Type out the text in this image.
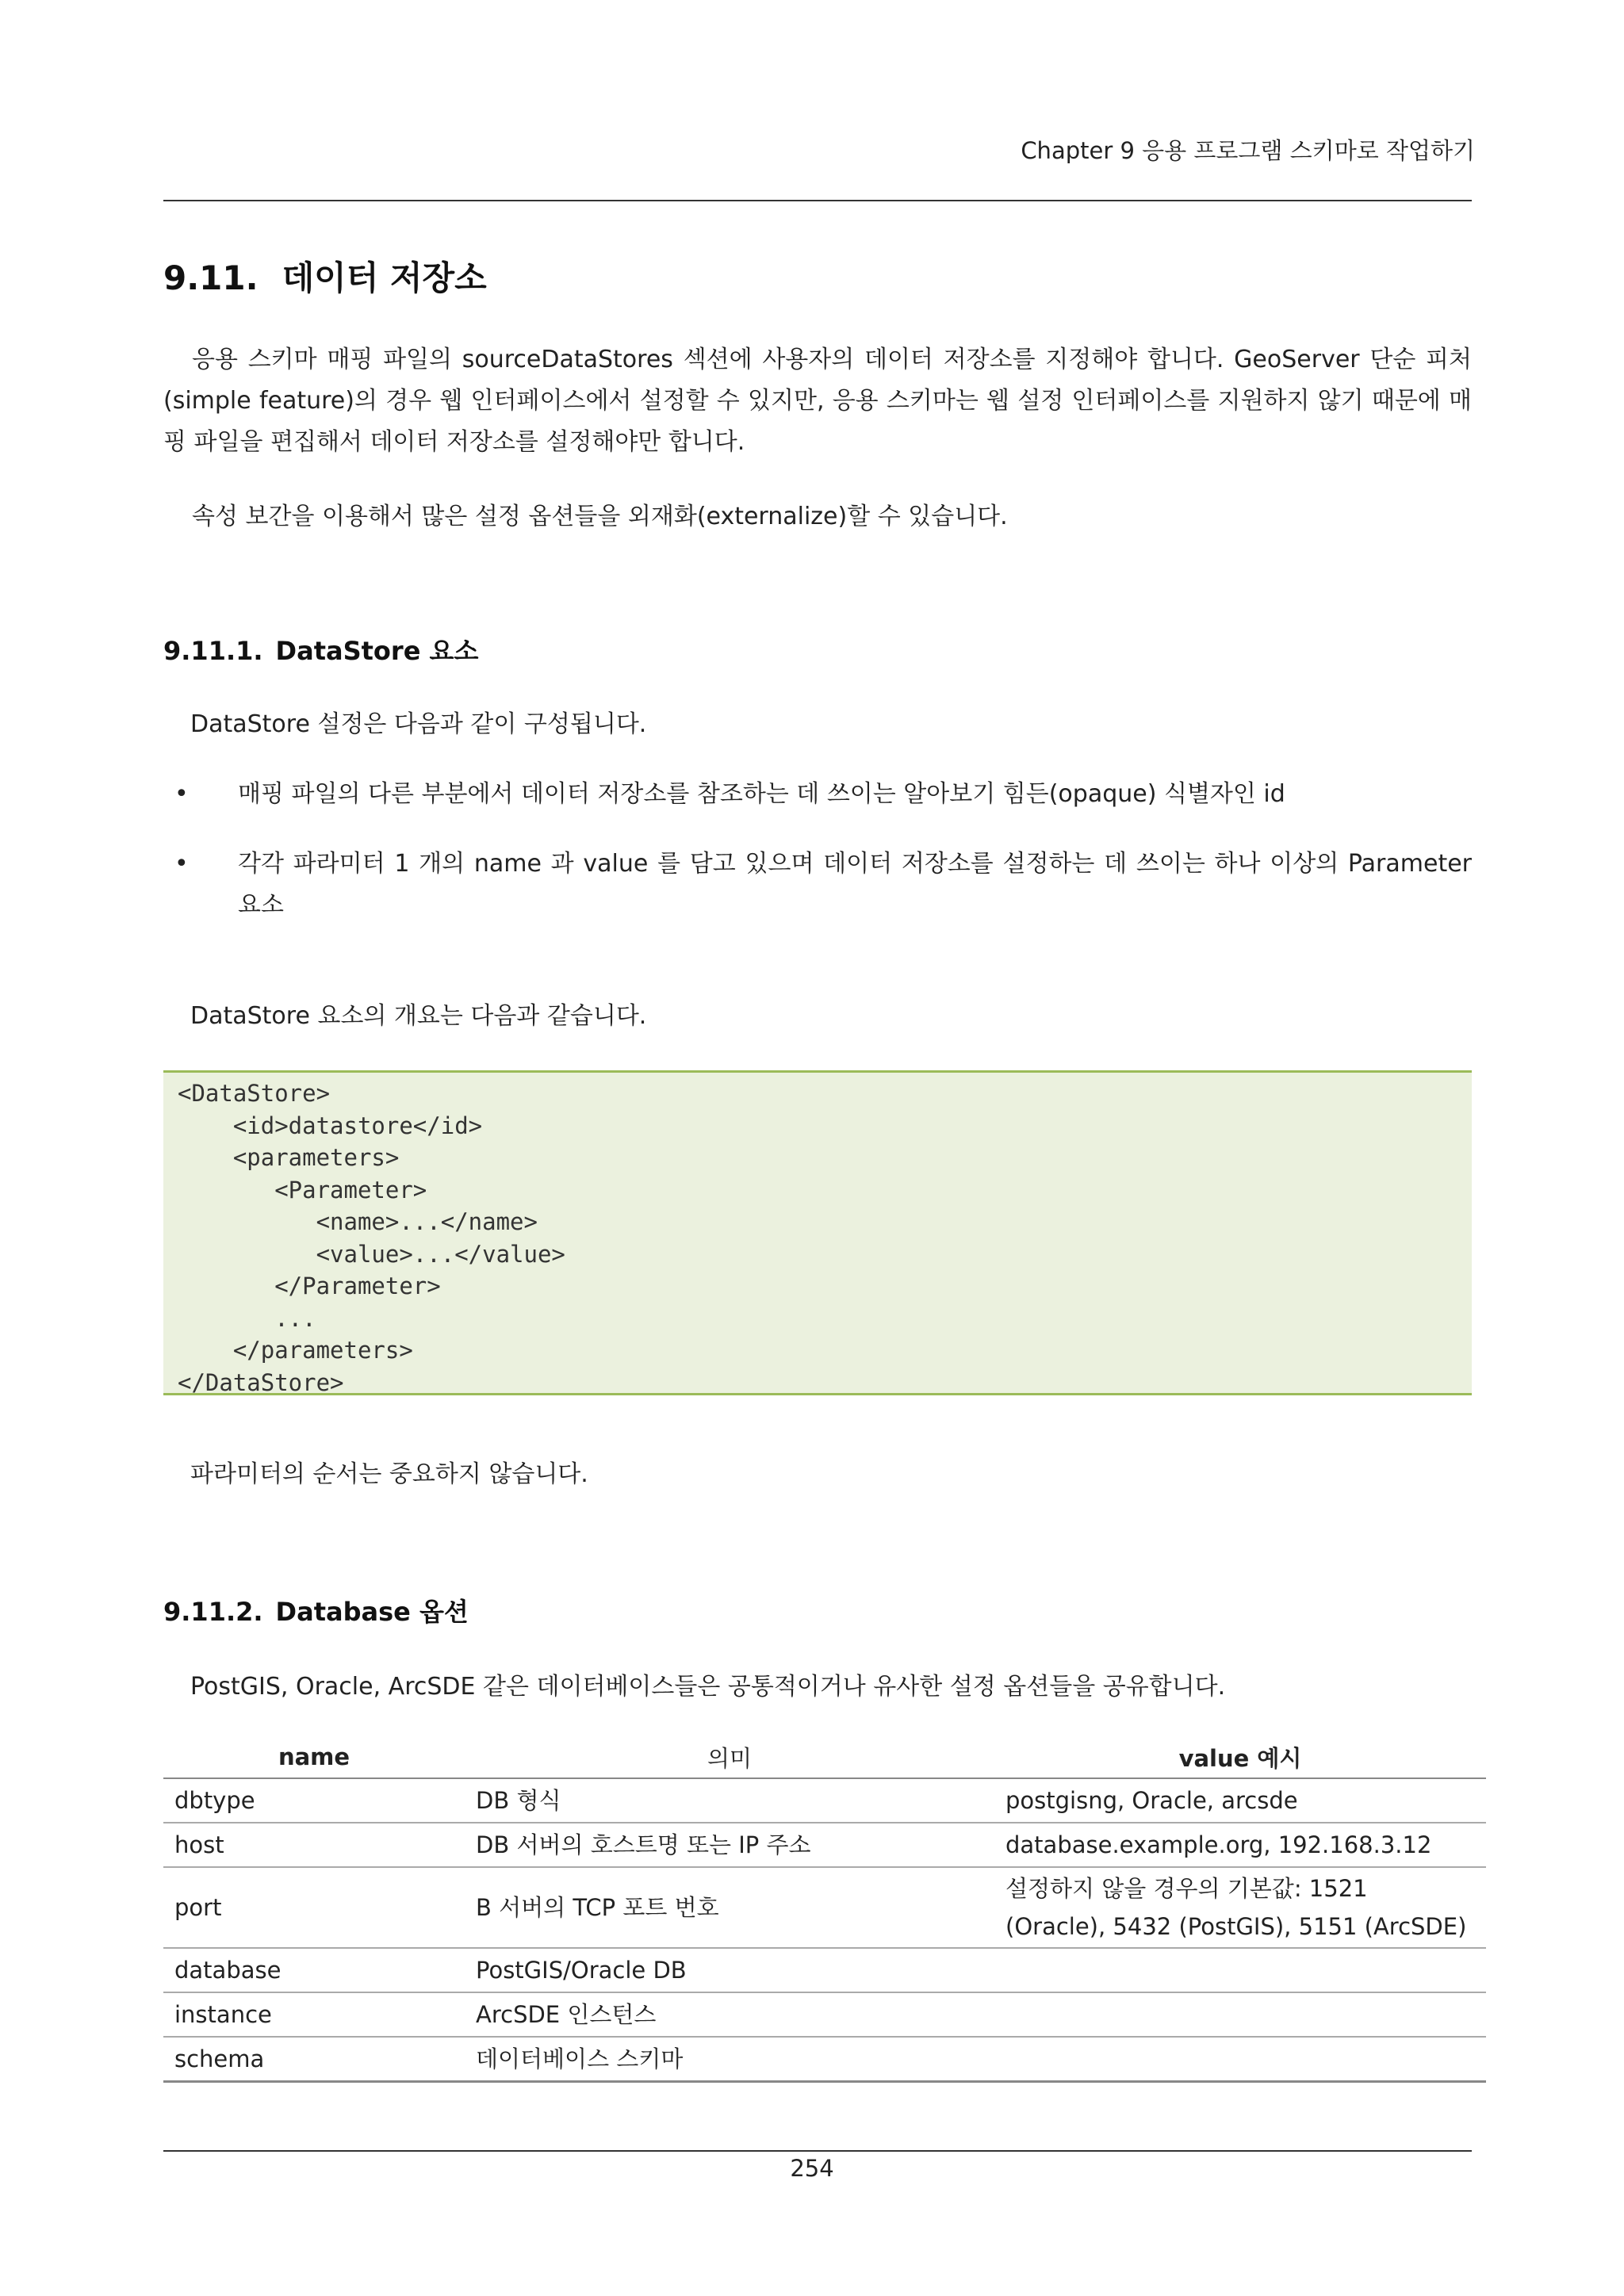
Chapter 9 응용 프로그램 스키마로 작업하기
9.11. 데이터 저장소
응용 스키마 매핑 파일의 sourceDataStores 섹션에 사용자의 데이터 저장소를 지정해야 합니다. GeoServer 단순 피처(simple feature)의 경우 웹 인터페이스에서 설정할 수 있지만, 응용 스키마는 웹 설정 인터페이스를 지원하지 않기 때문에 매핑 파일을 편집해서 데이터 저장소를 설정해야만 합니다.
속성 보간을 이용해서 많은 설정 옵션들을 외재화(externalize)할 수 있습니다.
9.11.1. DataStore 요소
DataStore 설정은 다음과 같이 구성됩니다.
• 매핑 파일의 다른 부분에서 데이터 저장소를 참조하는 데 쓰이는 알아보기 힘든(opaque) 식별자인 id
• 각각 파라미터 1 개의 name 과 value 를 담고 있으며 데이터 저장소를 설정하는 데 쓰이는 하나 이상의 Parameter 요소
DataStore 요소의 개요는 다음과 같습니다.
<DataStore>
<id>datastore</id>
<parameters>
<Parameter>
<name>...</name>
<value>...</value>
</Parameter>
...
</parameters>
</DataStore>
파라미터의 순서는 중요하지 않습니다.
9.11.2. Database 옵션
PostGIS, Oracle, ArcSDE 같은 데이터베이스들은 공통적이거나 유사한 설정 옵션들을 공유합니다.
name	의미	value 예시
dbtype	DB 형식	postgisng, Oracle, arcsde
host	DB 서버의 호스트명 또는 IP 주소	database.example.org, 192.168.3.12
port	B 서버의 TCP 포트 번호	설정하지 않을 경우의 기본값: 1521 (Oracle), 5432 (PostGIS), 5151 (ArcSDE)
database	PostGIS/Oracle DB	
instance	ArcSDE 인스턴스	
schema	데이터베이스 스키마	
254
